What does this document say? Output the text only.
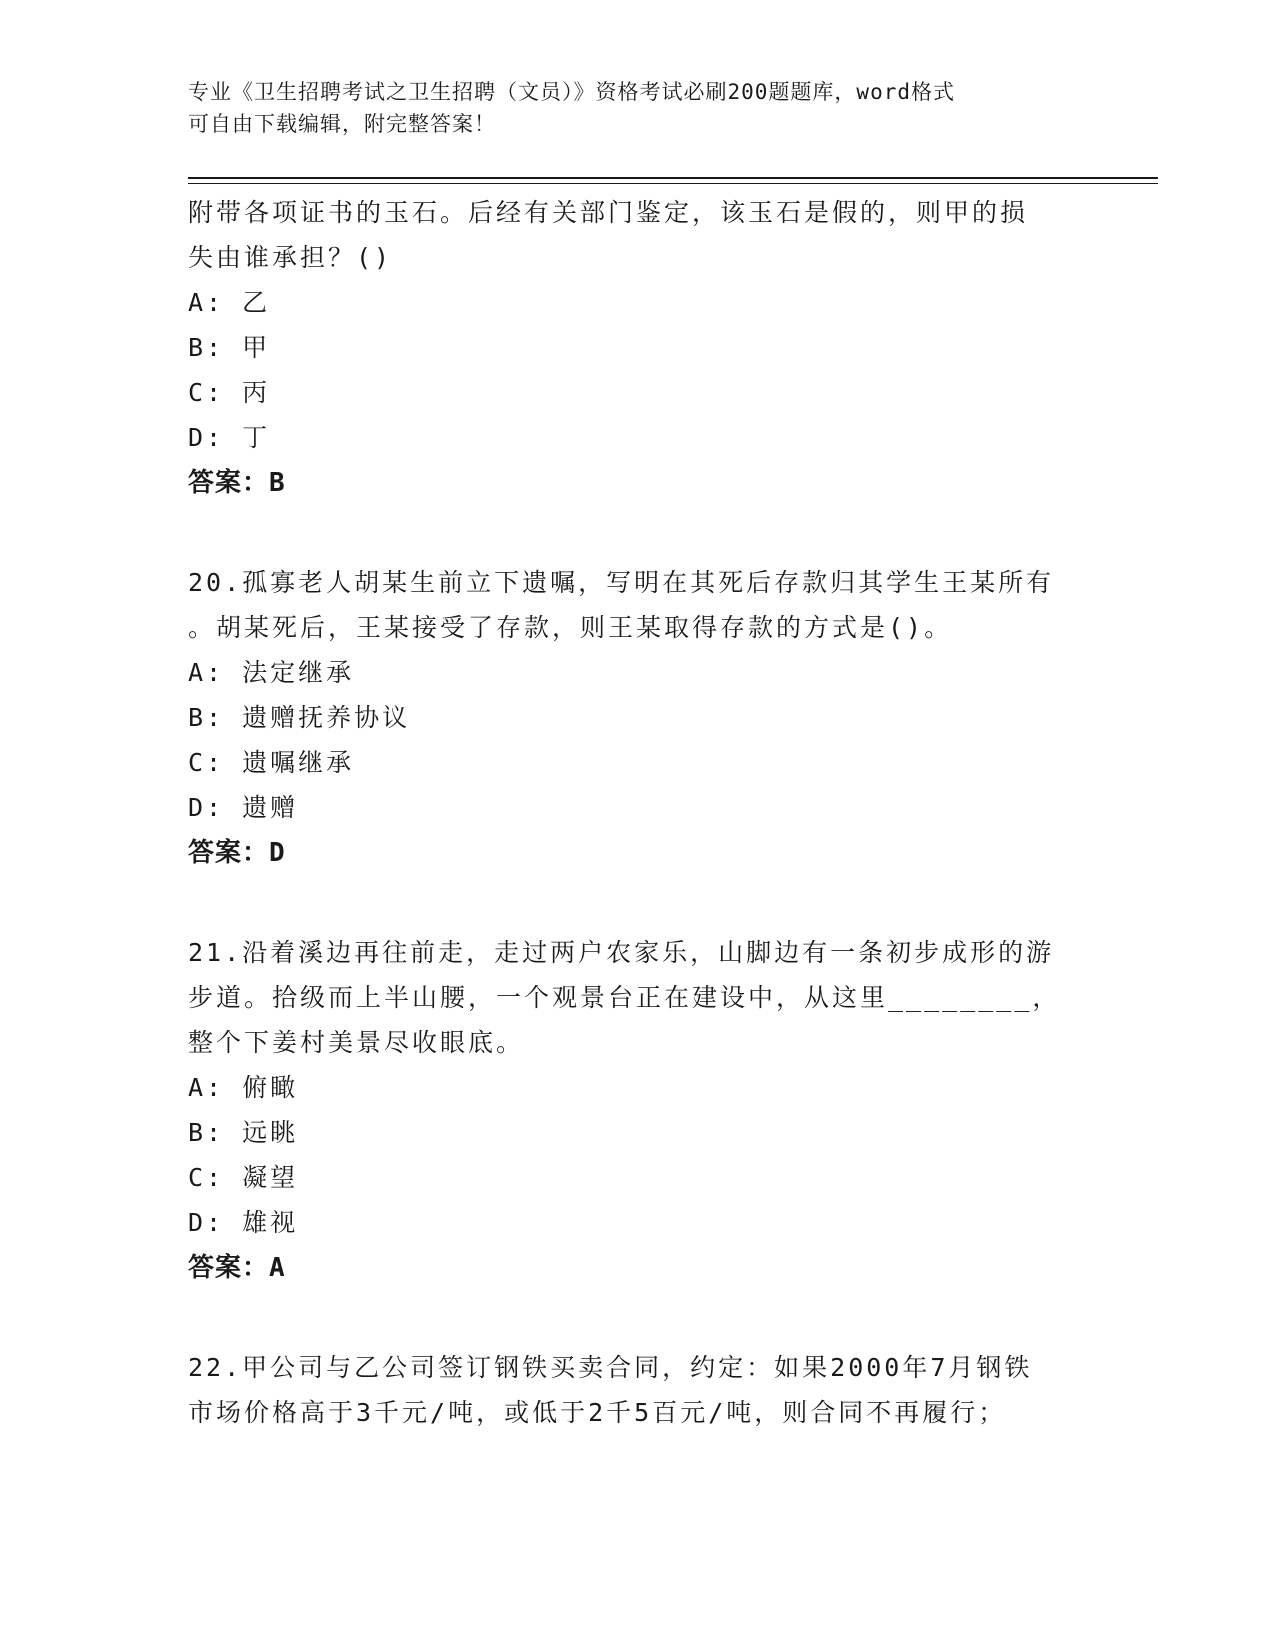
专业《卫生招聘考试之卫生招聘（文员）》资格考试必刷200题题库，word格式
可自由下载编辑，附完整答案！
附带各项证书的玉石。后经有关部门鉴定，该玉石是假的，则甲的损
失由谁承担？()
A: 乙
B: 甲
C: 丙
D: 丁
答案：B
20.孤寡老人胡某生前立下遗嘱，写明在其死后存款归其学生王某所有
。胡某死后，王某接受了存款，则王某取得存款的方式是()。
A: 法定继承
B: 遗赠抚养协议
C: 遗嘱继承
D: 遗赠
答案：D
21.沿着溪边再往前走，走过两户农家乐，山脚边有一条初步成形的游
步道。拾级而上半山腰，一个观景台正在建设中，从这里________，
整个下姜村美景尽收眼底。
A: 俯瞰
B: 远眺
C: 凝望
D: 雄视
答案：A
22.甲公司与乙公司签订钢铁买卖合同，约定：如果2000年7月钢铁
市场价格高于3千元/吨，或低于2千5百元/吨，则合同不再履行；
